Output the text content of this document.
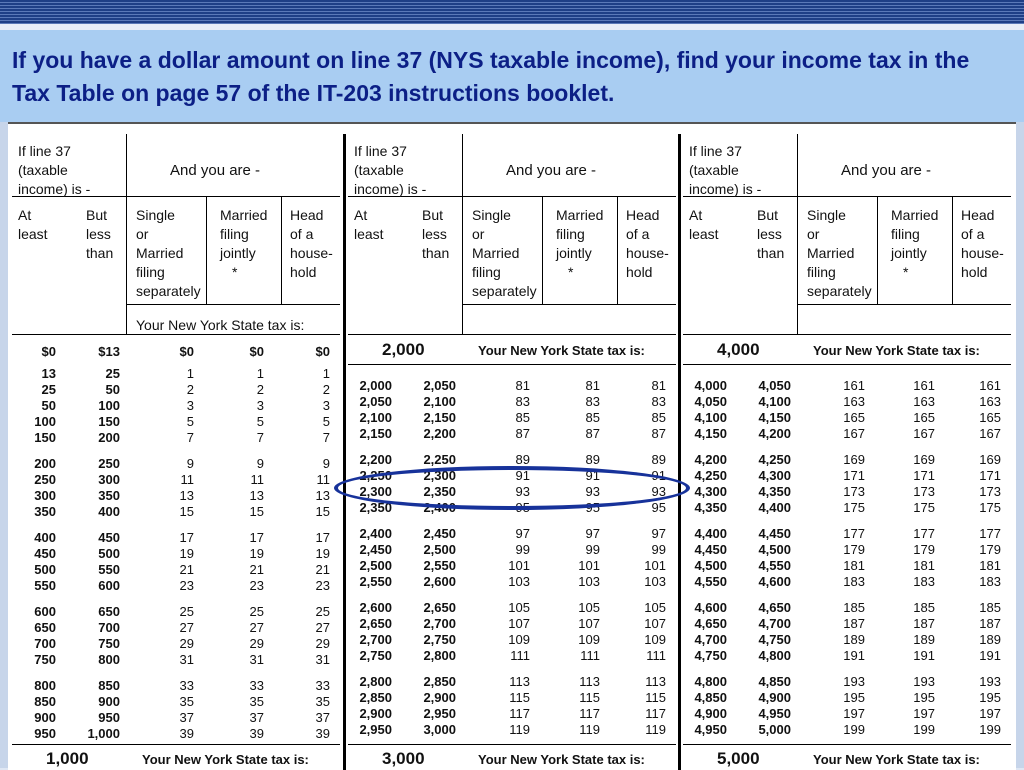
If you have a dollar amount on line 37 (NYS taxable income), find your income tax in the Tax Table on page 57 of the IT-203 instructions booklet.

If line 37
(taxable
income) is -
And you are -
At
least
But
less
than
Single
or
Married
filing
separately
Married
filing
jointly
*
Head
of a
house-
hold
Your New York State tax is:
$0	$13	$0	$0	$0
13	25	1	1	1
25	50	2	2	2
50	100	3	3	3
100	150	5	5	5
150	200	7	7	7
200	250	9	9	9
250	300	11	11	11
300	350	13	13	13
350	400	15	15	15
400	450	17	17	17
450	500	19	19	19
500	550	21	21	21
550	600	23	23	23
600	650	25	25	25
650	700	27	27	27
700	750	29	29	29
750	800	31	31	31
800	850	33	33	33
850	900	35	35	35
900	950	37	37	37
950	1,000	39	39	39
1,000	Your New York State tax is:
If line 37
(taxable
income) is -
And you are -
At
least
But
less
than
Single
or
Married
filing
separately
Married
filing
jointly
*
Head
of a
house-
hold
2,000	Your New York State tax is:
2,000	2,050	81	81	81
2,050	2,100	83	83	83
2,100	2,150	85	85	85
2,150	2,200	87	87	87
2,200	2,250	89	89	89
2,250	2,300	91	91	91
2,300	2,350	93	93	93
2,350	2,400	95	95	95
2,400	2,450	97	97	97
2,450	2,500	99	99	99
2,500	2,550	101	101	101
2,550	2,600	103	103	103
2,600	2,650	105	105	105
2,650	2,700	107	107	107
2,700	2,750	109	109	109
2,750	2,800	111	111	111
2,800	2,850	113	113	113
2,850	2,900	115	115	115
2,900	2,950	117	117	117
2,950	3,000	119	119	119
3,000	Your New York State tax is:
If line 37
(taxable
income) is -
And you are -
At
least
But
less
than
Single
or
Married
filing
separately
Married
filing
jointly
*
Head
of a
house-
hold
4,000	Your New York State tax is:
4,000	4,050	161	161	161
4,050	4,100	163	163	163
4,100	4,150	165	165	165
4,150	4,200	167	167	167
4,200	4,250	169	169	169
4,250	4,300	171	171	171
4,300	4,350	173	173	173
4,350	4,400	175	175	175
4,400	4,450	177	177	177
4,450	4,500	179	179	179
4,500	4,550	181	181	181
4,550	4,600	183	183	183
4,600	4,650	185	185	185
4,650	4,700	187	187	187
4,700	4,750	189	189	189
4,750	4,800	191	191	191
4,800	4,850	193	193	193
4,850	4,900	195	195	195
4,900	4,950	197	197	197
4,950	5,000	199	199	199
5,000	Your New York State tax is:
